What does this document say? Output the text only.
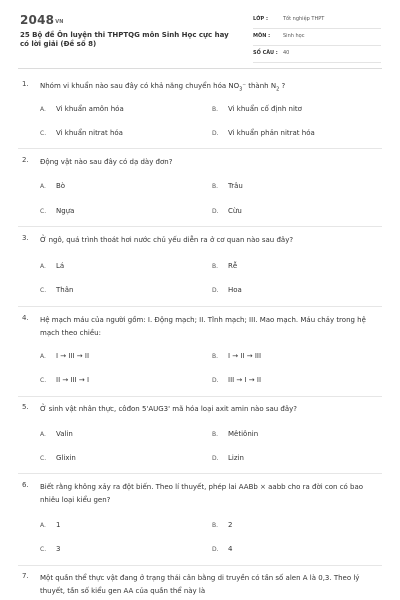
2048VN
25 Bộ đề Ôn luyện thi THPTQG môn Sinh Học cực hay có lời giải (Đề số 8)
LỚP :	Tốt nghiệp THPT
MÔN :	Sinh học
SỐ CÂU : 40
1. Nhóm vi khuẩn nào sau đây có khả năng chuyển hóa $NO_3^-$ thành $N_2$ ?
A. Vi khuẩn amôn hóa	B. Vi khuẩn cố định nitơ
C. Vi khuẩn nitrat hóa	D. Vi khuẩn phản nitrat hóa
2. Động vật nào sau đây có dạ dày đơn?
A. Bò	B. Trâu
C. Ngựa	D. Cừu
3. Ở ngô, quá trình thoát hơi nước chủ yếu diễn ra ở cơ quan nào sau đây?
A. Lá	B. Rễ
C. Thân	D. Hoa
4. Hệ mạch máu của người gồm: I. Động mạch; II. Tĩnh mạch; III. Mao mạch. Máu chảy trong hệ mạch theo chiều:
A. I → III → II	B. I → II → III
C. II → III → I	D. III → I → II
5. Ở sinh vật nhân thực, côđon 5'AUG3' mã hóa loại axit amin nào sau đây?
A. Valin	B. Mêtiônin
C. Glixin	D. Lizin
6. Biết rằng không xảy ra đột biến. Theo lí thuyết, phép lai AABb × aabb cho ra đời con có bao nhiêu loại kiểu gen?
A. 1	B. 2
C. 3	D. 4
7. Một quần thể thực vật đang ở trạng thái cân bằng di truyền có tần số alen A là 0,3. Theo lý thuyết, tần số kiểu gen AA của quần thể này là
